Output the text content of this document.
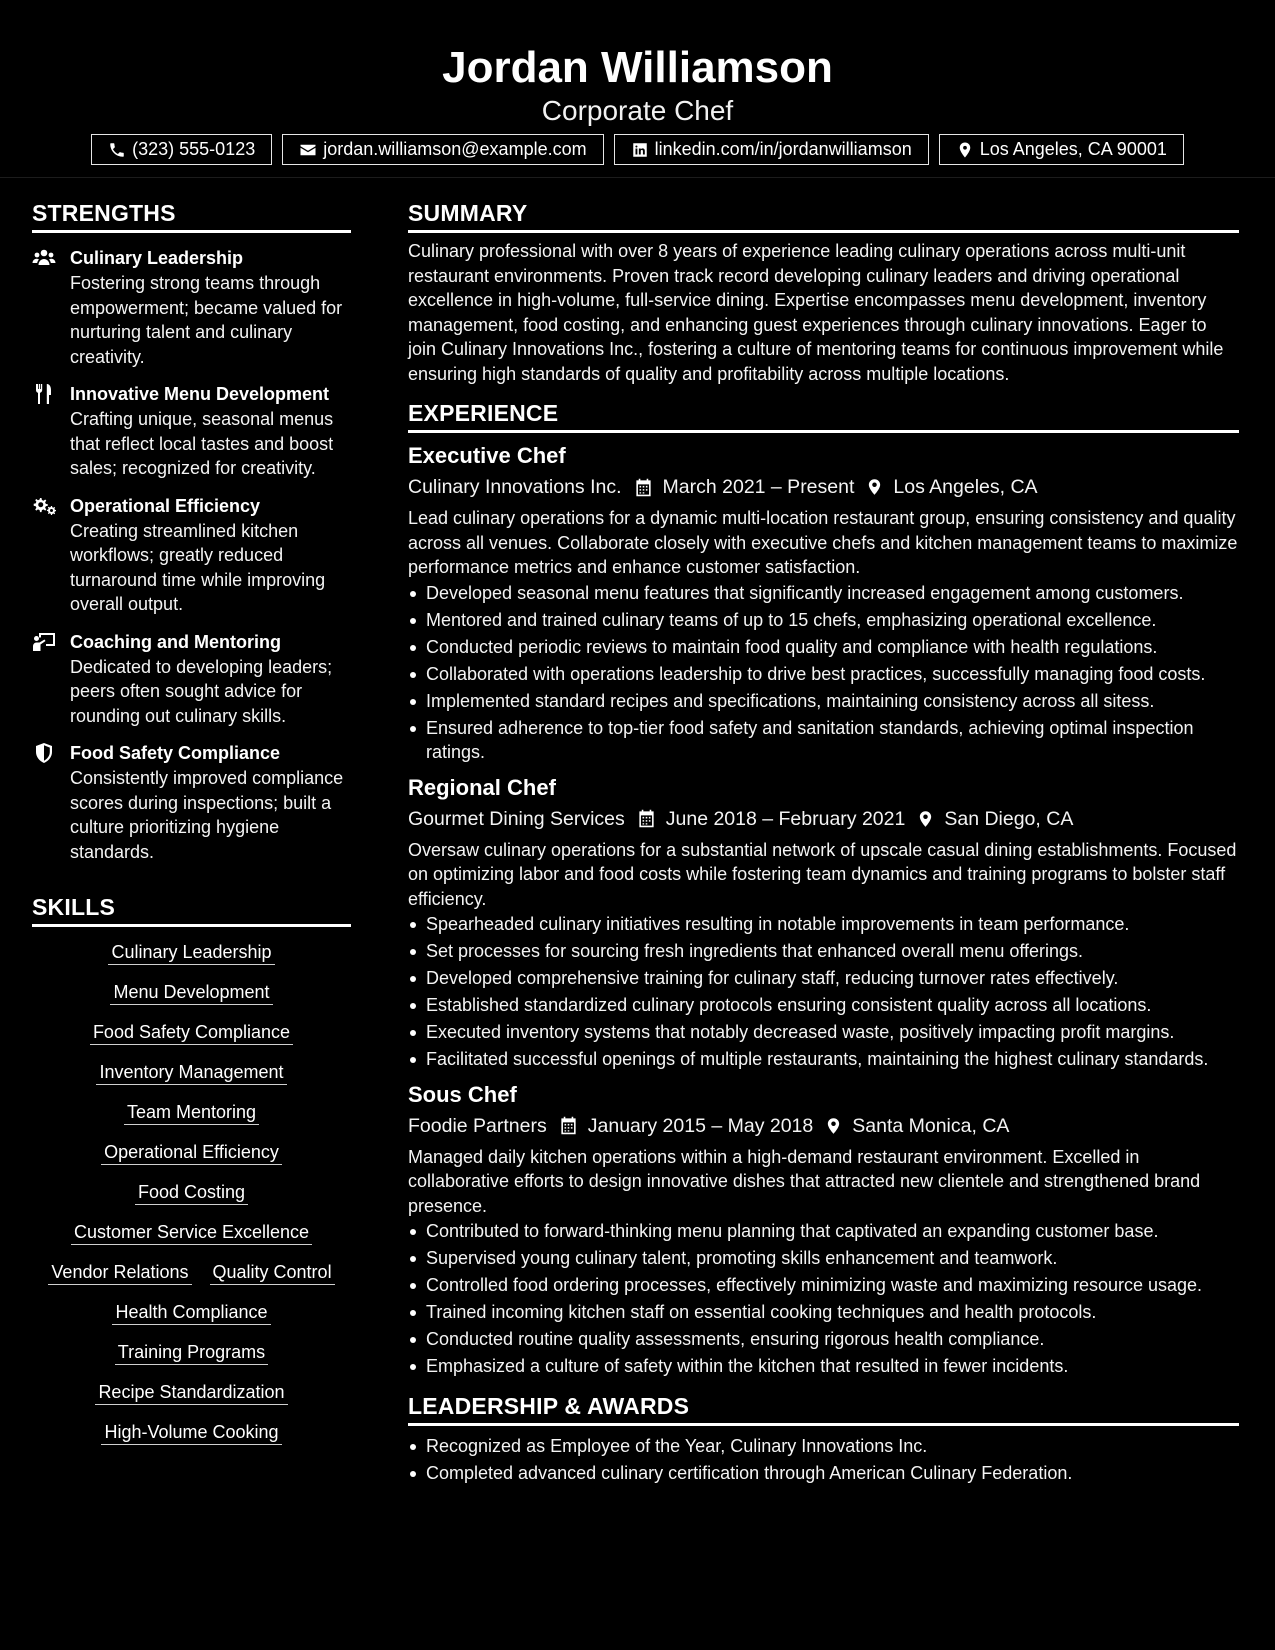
Jordan Williamson
Corporate Chef
(323) 555-0123	jordan.williamson@example.com	linkedin.com/in/jordanwilliamson	Los Angeles, CA 90001
STRENGTHS
Culinary Leadership
Fostering strong teams through empowerment; became valued for nurturing talent and culinary creativity.
Innovative Menu Development
Crafting unique, seasonal menus that reflect local tastes and boost sales; recognized for creativity.
Operational Efficiency
Creating streamlined kitchen workflows; greatly reduced turnaround time while improving overall output.
Coaching and Mentoring
Dedicated to developing leaders; peers often sought advice for rounding out culinary skills.
Food Safety Compliance
Consistently improved compliance scores during inspections; built a culture prioritizing hygiene standards.
SKILLS
Culinary Leadership
Menu Development
Food Safety Compliance
Inventory Management
Team Mentoring
Operational Efficiency
Food Costing
Customer Service Excellence
Vendor Relations Quality Control
Health Compliance
Training Programs
Recipe Standardization
High-Volume Cooking
SUMMARY
Culinary professional with over 8 years of experience leading culinary operations across multi-unit restaurant environments. Proven track record developing culinary leaders and driving operational excellence in high-volume, full-service dining. Expertise encompasses menu development, inventory management, food costing, and enhancing guest experiences through culinary innovations. Eager to join Culinary Innovations Inc., fostering a culture of mentoring teams for continuous improvement while ensuring high standards of quality and profitability across multiple locations.
EXPERIENCE
Executive Chef
Culinary Innovations Inc. March 2021 – Present Los Angeles, CA
Lead culinary operations for a dynamic multi-location restaurant group, ensuring consistency and quality across all venues. Collaborate closely with executive chefs and kitchen management teams to maximize performance metrics and enhance customer satisfaction.
Developed seasonal menu features that significantly increased engagement among customers.
Mentored and trained culinary teams of up to 15 chefs, emphasizing operational excellence.
Conducted periodic reviews to maintain food quality and compliance with health regulations.
Collaborated with operations leadership to drive best practices, successfully managing food costs.
Implemented standard recipes and specifications, maintaining consistency across all sitess.
Ensured adherence to top-tier food safety and sanitation standards, achieving optimal inspection ratings.
Regional Chef
Gourmet Dining Services June 2018 – February 2021 San Diego, CA
Oversaw culinary operations for a substantial network of upscale casual dining establishments. Focused on optimizing labor and food costs while fostering team dynamics and training programs to bolster staff efficiency.
Spearheaded culinary initiatives resulting in notable improvements in team performance.
Set processes for sourcing fresh ingredients that enhanced overall menu offerings.
Developed comprehensive training for culinary staff, reducing turnover rates effectively.
Established standardized culinary protocols ensuring consistent quality across all locations.
Executed inventory systems that notably decreased waste, positively impacting profit margins.
Facilitated successful openings of multiple restaurants, maintaining the highest culinary standards.
Sous Chef
Foodie Partners January 2015 – May 2018 Santa Monica, CA
Managed daily kitchen operations within a high-demand restaurant environment. Excelled in collaborative efforts to design innovative dishes that attracted new clientele and strengthened brand presence.
Contributed to forward-thinking menu planning that captivated an expanding customer base.
Supervised young culinary talent, promoting skills enhancement and teamwork.
Controlled food ordering processes, effectively minimizing waste and maximizing resource usage.
Trained incoming kitchen staff on essential cooking techniques and health protocols.
Conducted routine quality assessments, ensuring rigorous health compliance.
Emphasized a culture of safety within the kitchen that resulted in fewer incidents.
LEADERSHIP & AWARDS
Recognized as Employee of the Year, Culinary Innovations Inc.
Completed advanced culinary certification through American Culinary Federation.
